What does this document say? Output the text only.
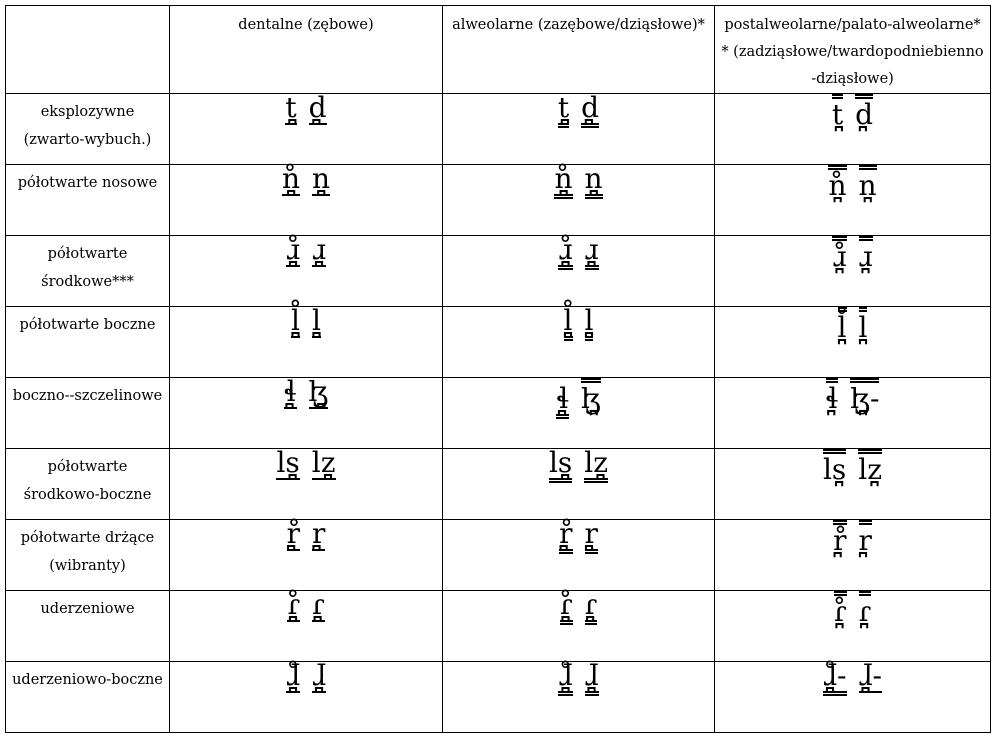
	dentalne (zębowe)	alweolarne (zazębowe/dziąsłowe)*	postalweolarne/palato-alweolarne** (zadziąsłowe/twardopodniebienno-dziąsłowe)

eksplozywne (zwarto-wybuch.)	t̪ d̪	t̪ d̪	t̪ d̪

półotwarte nosowe	n̪̊ n̪	n̪̊ n̪	n̪̊ n̪

półotwarte środkowe***	ɹ̪̊ ɹ̪	ɹ̪̊ ɹ̪	ɹ̪̊ ɹ̪

półotwarte boczne	l̪̊ l̪	l̪̊ l̪	l̪̊ l̪

boczno--szczelinowe	ɬ̪ ɮ̪	ɬ̪ ɮ̪	ɬ̪ ɮ̪-

półotwarte środkowo-boczne	ls̪ lz̪	ls̪ lz̪	ls̪ lz̪

półotwarte drżące (wibranty)	r̪̊ r̪	r̪̊ r̪	r̪̊ r̪

uderzeniowe	ɾ̪̊ ɾ̪	ɾ̪̊ ɾ̪	ɾ̪̊ ɾ̪

uderzeniowo-boczne	ɺ̪̊ ɺ̪	ɺ̪̊ ɺ̪	ɺ̪̊- ɺ̪-
